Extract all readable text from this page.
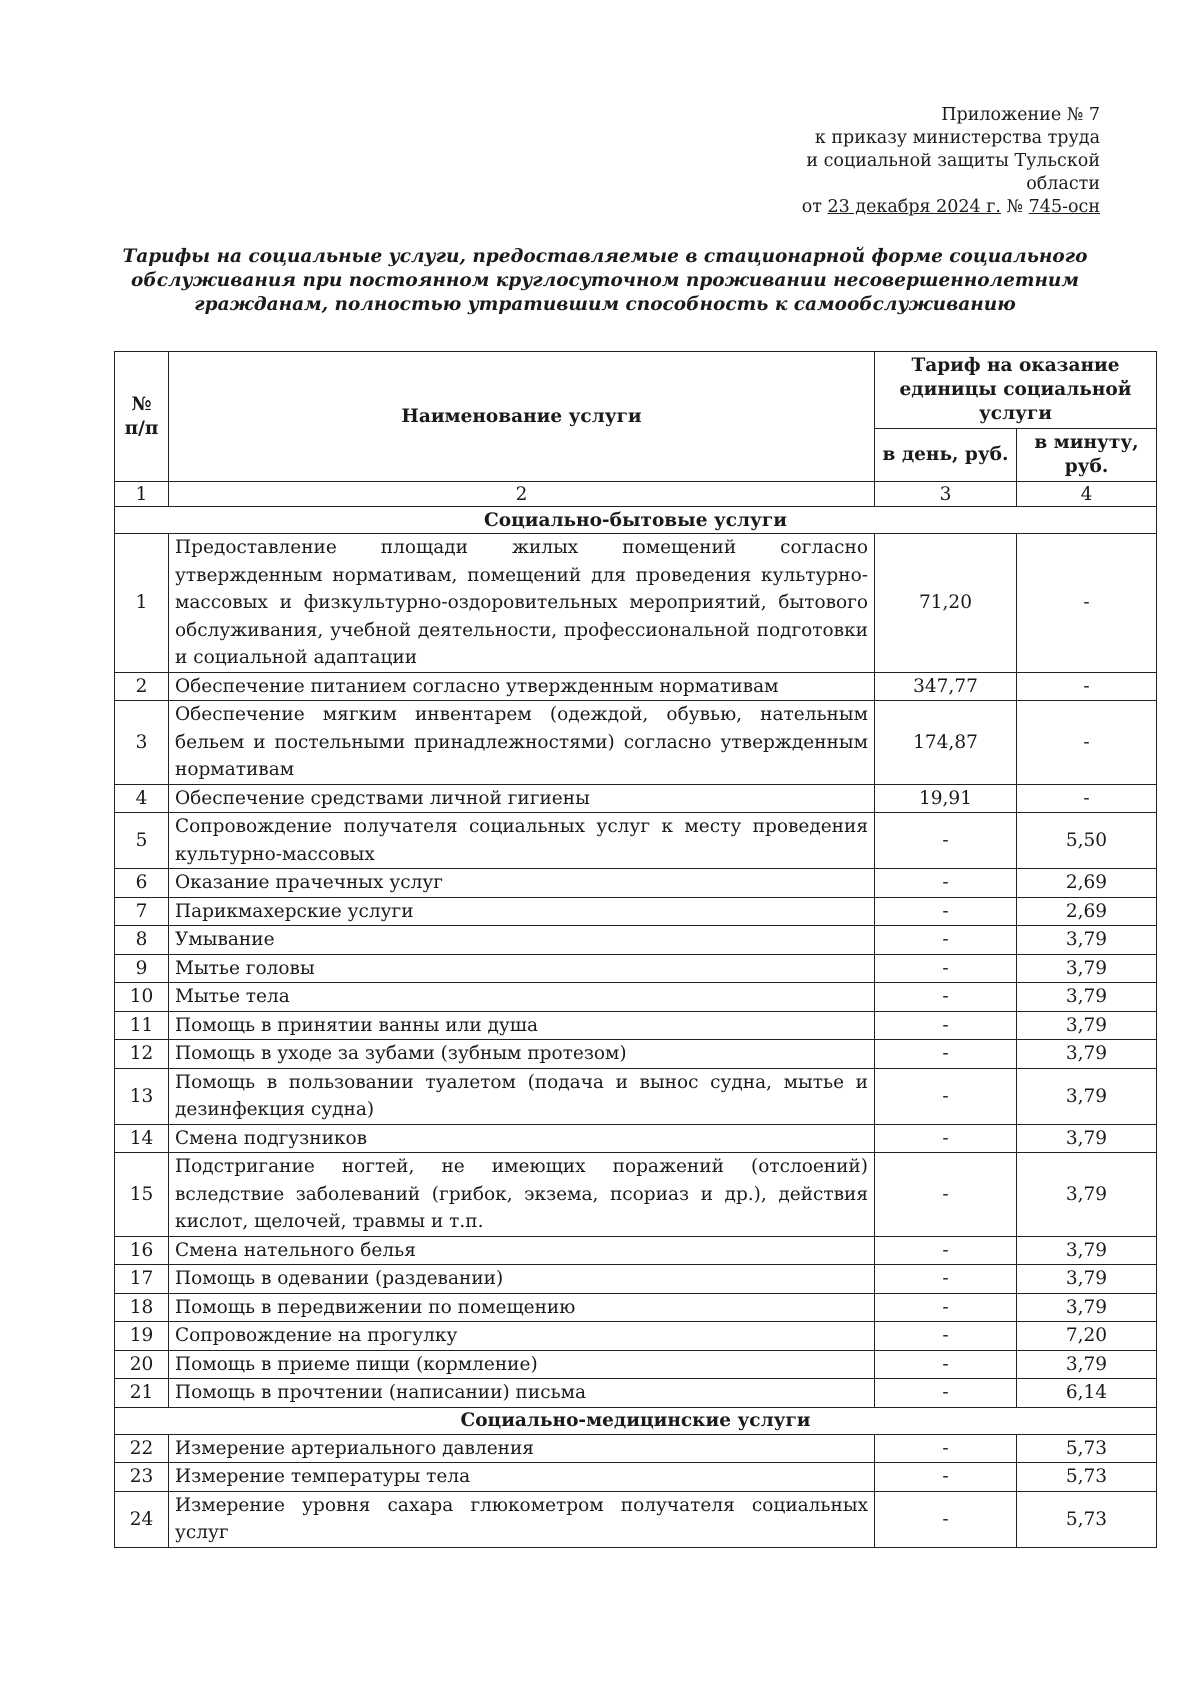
Приложение № 7
к приказу министерства труда
и социальной защиты Тульской
области
от 23 декабря 2024 г. № 745-осн
Тарифы на социальные услуги, предоставляемые в стационарной форме социального обслуживания при постоянном круглосуточном проживании несовершеннолетним гражданам, полностью утратившим способность к самообслуживанию
№ п/п	Наименование услуги	Тариф на оказание единицы социальной услуги	
		в день, руб.	в минуту, руб.
1	2	3	4
Социально-бытовые услуги			
1	Предоставление площади жилых помещений согласно утвержденным нормативам, помещений для проведения культурно-массовых и физкультурно-оздоровительных мероприятий, бытового обслуживания, учебной деятельности, профессиональной подготовки и социальной адаптации	71,20	-
2	Обеспечение питанием согласно утвержденным нормативам	347,77	-
3	Обеспечение мягким инвентарем (одеждой, обувью, нательным бельем и постельными принадлежностями) согласно утвержденным нормативам	174,87	-
4	Обеспечение средствами личной гигиены	19,91	-
5	Сопровождение получателя социальных услуг к месту проведения культурно-массовых	-	5,50
6	Оказание прачечных услуг	-	2,69
7	Парикмахерские услуги	-	2,69
8	Умывание	-	3,79
9	Мытье головы	-	3,79
10	Мытье тела	-	3,79
11	Помощь в принятии ванны или душа	-	3,79
12	Помощь в уходе за зубами (зубным протезом)	-	3,79
13	Помощь в пользовании туалетом (подача и вынос судна, мытье и дезинфекция судна)	-	3,79
14	Смена подгузников	-	3,79
15	Подстригание ногтей, не имеющих поражений (отслоений) вследствие заболеваний (грибок, экзема, псориаз и др.), действия кислот, щелочей, травмы и т.п.	-	3,79
16	Смена нательного белья	-	3,79
17	Помощь в одевании (раздевании)	-	3,79
18	Помощь в передвижении по помещению	-	3,79
19	Сопровождение на прогулку	-	7,20
20	Помощь в приеме пищи (кормление)	-	3,79
21	Помощь в прочтении (написании) письма	-	6,14
Социально-медицинские услуги			
22	Измерение артериального давления	-	5,73
23	Измерение температуры тела	-	5,73
24	Измерение уровня сахара глюкометром получателя социальных услуг	-	5,73
